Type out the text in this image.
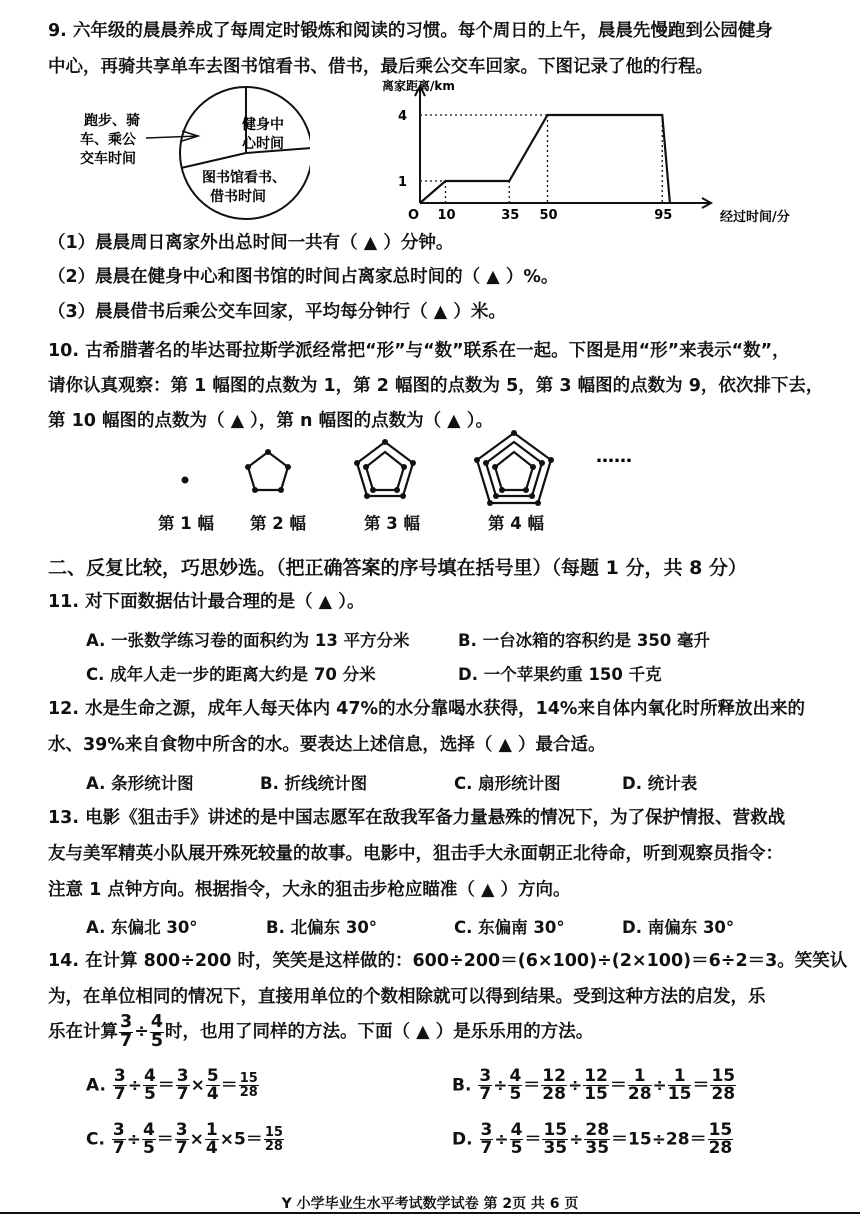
9. 六年级的晨晨养成了每周定时锻炼和阅读的习惯。每个周日的上午，晨晨先慢跑到公园健身
中心，再骑共享单车去图书馆看书、借书，最后乘公交车回家。下图记录了他的行程。
健身中
心时间
图书馆看书、
借书时间
跑步、骑
车、乘公
交车时间
离家距离/km
经过时间/分
O
1
4
10	35 50	95
（1）晨晨周日离家外出总时间一共有（ ▲ ）分钟。
（2）晨晨在健身中心和图书馆的时间占离家总时间的（ ▲ ）%。
（3）晨晨借书后乘公交车回家，平均每分钟行（ ▲ ）米。
10. 古希腊著名的毕达哥拉斯学派经常把“形”与“数”联系在一起。下图是用“形”来表示“数”，
请你认真观察：第 1 幅图的点数为 1，第 2 幅图的点数为 5，第 3 幅图的点数为 9，依次排下去，
第 10 幅图的点数为（ ▲ ），第 n 幅图的点数为（ ▲ ）。
……
第 1 幅 第 2 幅	第 3 幅	第 4 幅
二、反复比较，巧思妙选。（把正确答案的序号填在括号里）（每题 1 分，共 8 分）
11. 对下面数据估计最合理的是（ ▲ ）。
A. 一张数学练习卷的面积约为 13 平方分米	B. 一台冰箱的容积约是 350 毫升
C. 成年人走一步的距离大约是 70 分米	D. 一个苹果约重 150 千克
12. 水是生命之源，成年人每天体内 47%的水分靠喝水获得，14%来自体内氧化时所释放出来的
水、39%来自食物中所含的水。要表达上述信息，选择（ ▲ ）最合适。
A. 条形统计图	B. 折线统计图	C. 扇形统计图	D. 统计表
13. 电影《狙击手》讲述的是中国志愿军在敌我军备力量悬殊的情况下，为了保护情报、营救战
友与美军精英小队展开殊死较量的故事。电影中，狙击手大永面朝正北待命，听到观察员指令：
注意 1 点钟方向。根据指令，大永的狙击步枪应瞄准（ ▲ ）方向。
A. 东偏北 30°	B. 北偏东 30°	C. 东偏南 30°	D. 南偏东 30°
14. 在计算 800÷200 时，笑笑是这样做的：600÷200＝(6×100)÷(2×100)＝6÷2＝3。笑笑认
为，在单位相同的情况下，直接用单位的个数相除就可以得到结果。受到这种方法的启发，乐
乐在计算 $\frac{3}{7} \div \frac{4}{5}$ 时，也用了同样的方法。下面（ ▲ ）是乐乐用的方法。
A. $\frac{3}{7} \div \frac{4}{5} = \frac{3}{7} \times \frac{5}{4} = \frac{15}{28}$	B. $\frac{3}{7} \div \frac{4}{5} = \frac{12}{28} \div \frac{12}{15} = \frac{1}{28} \div \frac{1}{15} = \frac{15}{28}$
C. $\frac{3}{7} \div \frac{4}{5} = \frac{3}{7} \times \frac{1}{4} \times 5= \frac{15}{28}$	D. $\frac{3}{7} \div \frac{4}{5} = \frac{15}{35} \div \frac{28}{35} =15\div 28= \frac{15}{28}$
Y 小学毕业生水平考试数学试卷 第 2页 共 6 页
